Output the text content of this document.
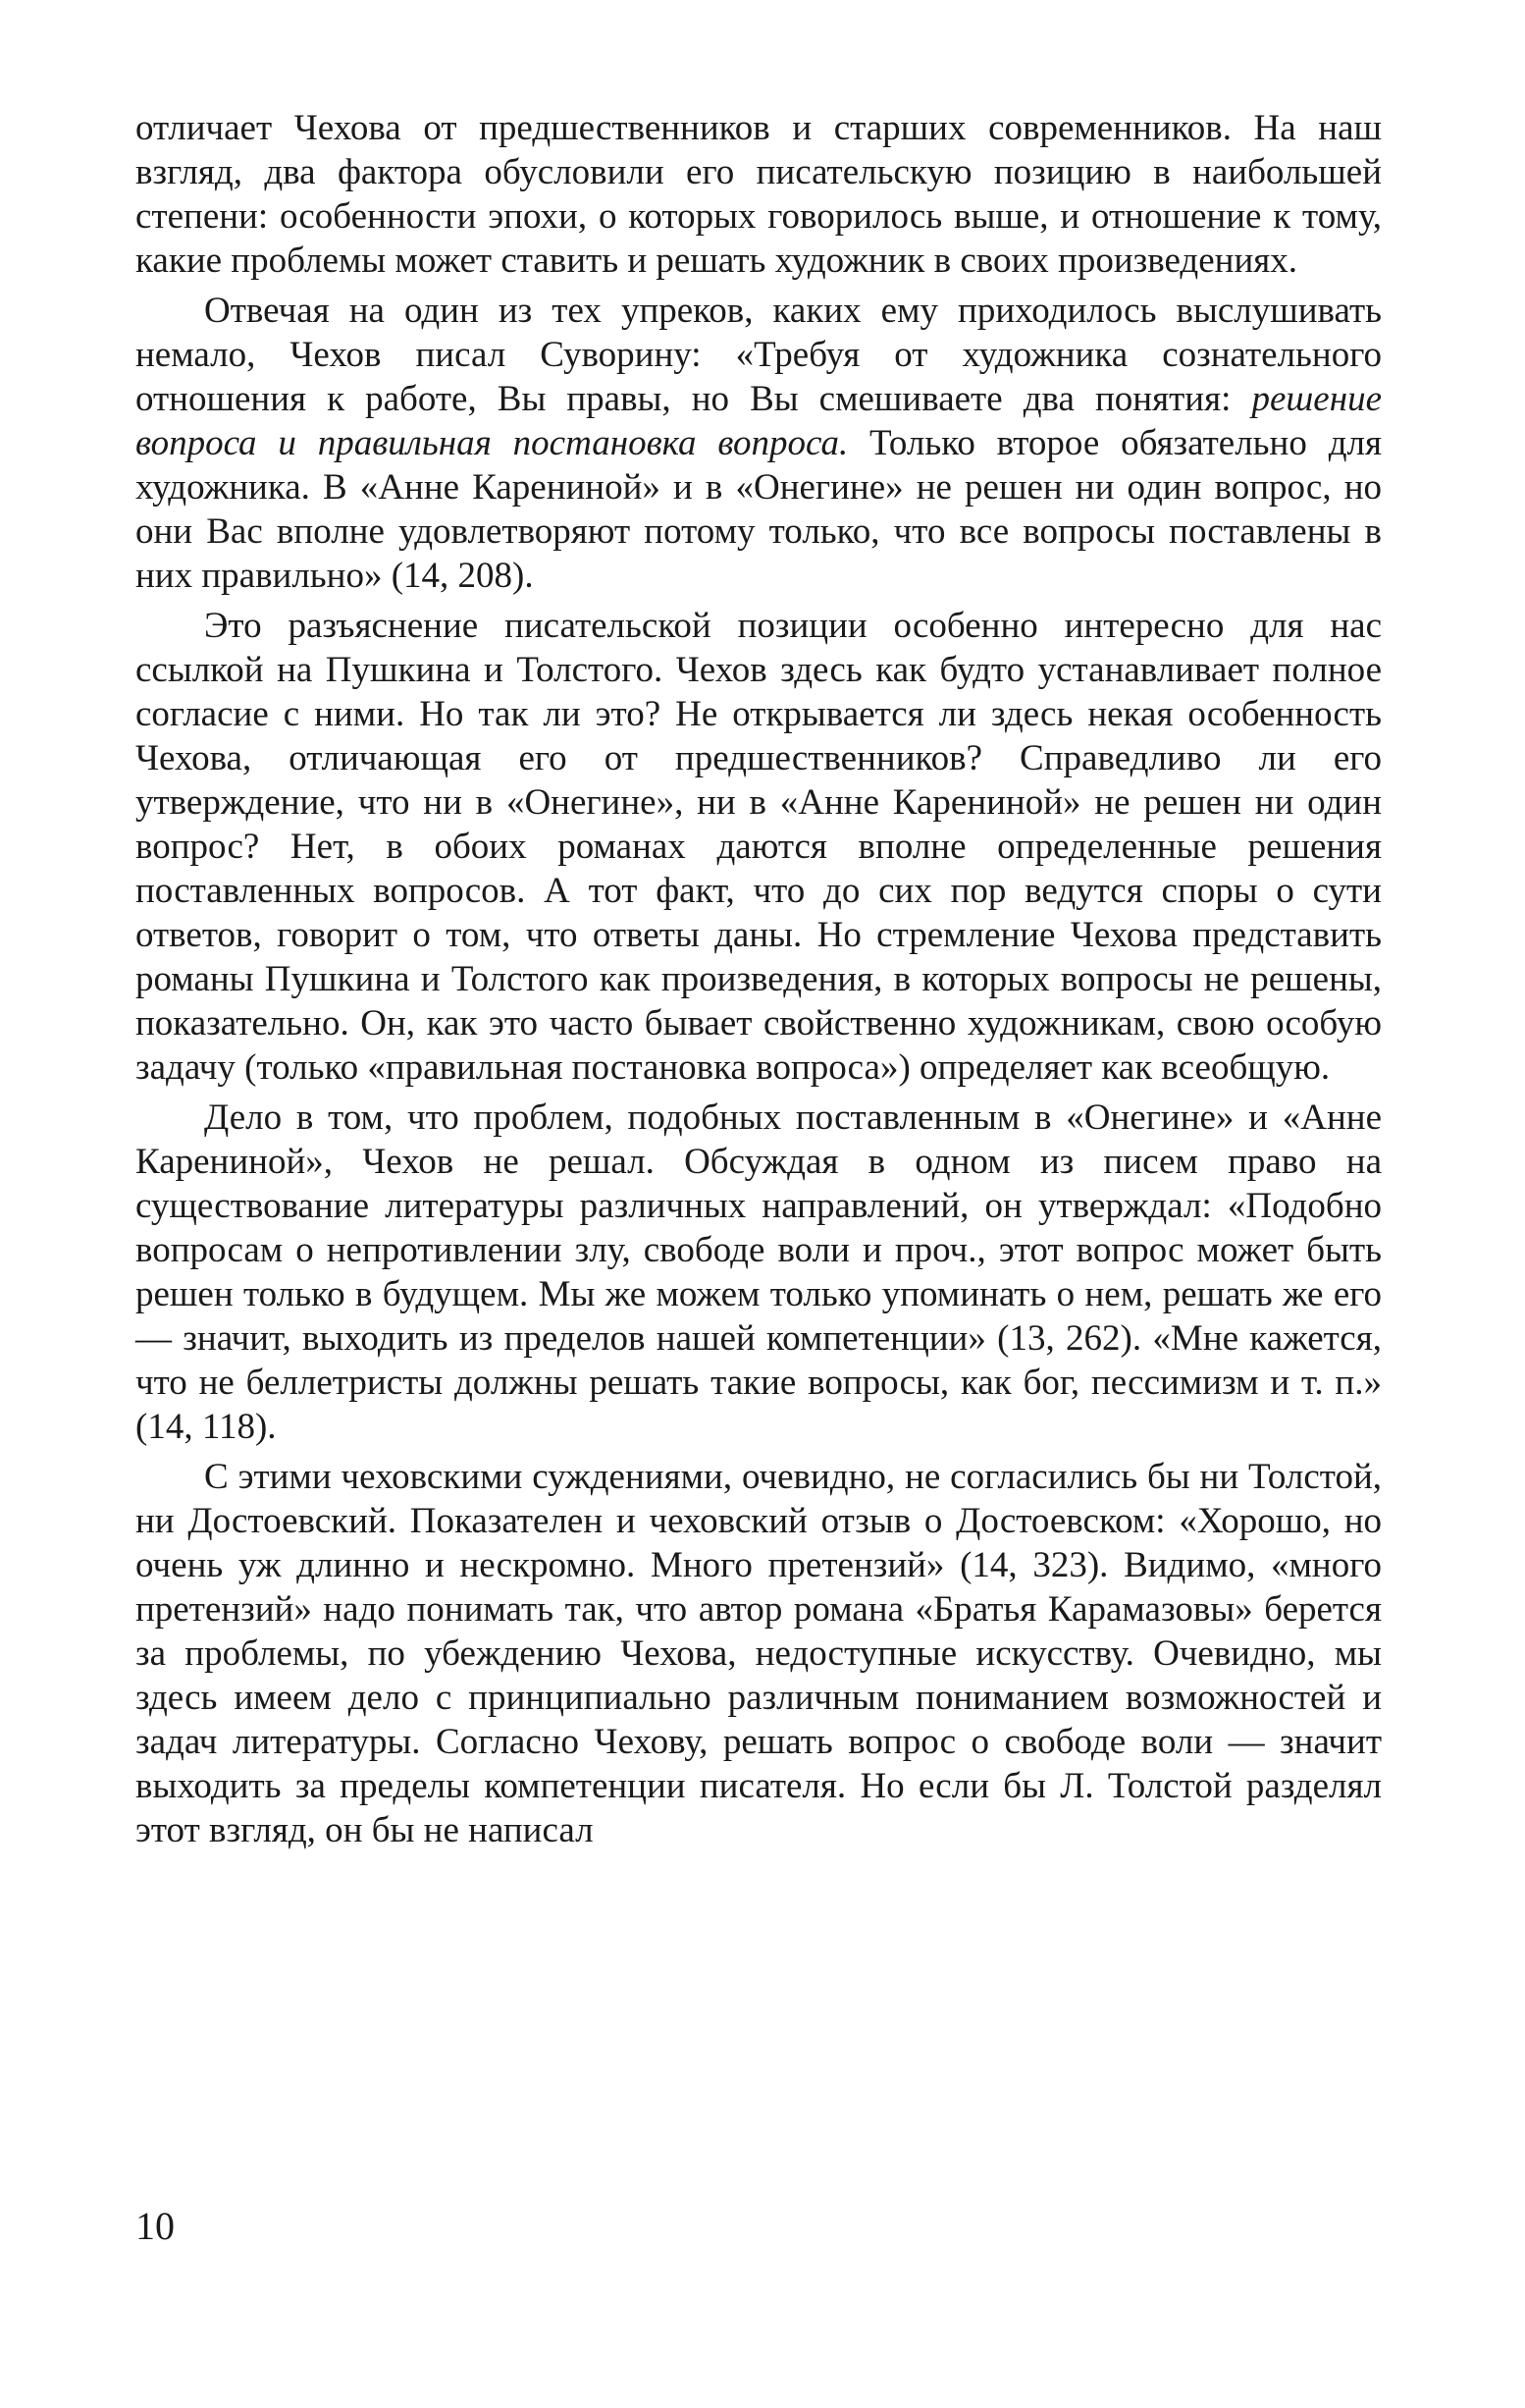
отличает Чехова от предшественников и старших современников. На наш взгляд, два фактора обусловили его писательскую позицию в наибольшей степени: особенности эпохи, о которых говорилось выше, и отношение к тому, какие проблемы может ставить и решать художник в своих произведениях.

Отвечая на один из тех упреков, каких ему приходилось выслушивать немало, Чехов писал Суворину: «Требуя от художника сознательного отношения к работе, Вы правы, но Вы смешиваете два понятия: решение вопроса и правильная постановка вопроса. Только второе обязательно для художника. В «Анне Карениной» и в «Онегине» не решен ни один вопрос, но они Вас вполне удовлетворяют потому только, что все вопросы поставлены в них правильно» (14, 208).

Это разъяснение писательской позиции особенно интересно для нас ссылкой на Пушкина и Толстого. Чехов здесь как будто устанавливает полное согласие с ними. Но так ли это? Не открывается ли здесь некая особенность Чехова, отличающая его от предшественников? Справедливо ли его утверждение, что ни в «Онегине», ни в «Анне Карениной» не решен ни один вопрос? Нет, в обоих романах даются вполне определенные решения поставленных вопросов. А тот факт, что до сих пор ведутся споры о сути ответов, говорит о том, что ответы даны. Но стремление Чехова представить романы Пушкина и Толстого как произведения, в которых вопросы не решены, показательно. Он, как это часто бывает свойственно художникам, свою особую задачу (только «правильная постановка вопроса») определяет как всеобщую.

Дело в том, что проблем, подобных поставленным в «Онегине» и «Анне Карениной», Чехов не решал. Обсуждая в одном из писем право на существование литературы различных направлений, он утверждал: «Подобно вопросам о непротивлении злу, свободе воли и проч., этот вопрос может быть решен только в будущем. Мы же можем только упоминать о нем, решать же его — значит, выходить из пределов нашей компетенции» (13, 262). «Мне кажется, что не беллетристы должны решать такие вопросы, как бог, пессимизм и т. п.» (14, 118).

С этими чеховскими суждениями, очевидно, не согласились бы ни Толстой, ни Достоевский. Показателен и чеховский отзыв о Достоевском: «Хорошо, но очень уж длинно и нескромно. Много претензий» (14, 323). Видимо, «много претензий» надо понимать так, что автор романа «Братья Карамазовы» берется за проблемы, по убеждению Чехова, недоступные искусству. Очевидно, мы здесь имеем дело с принципиально различным пониманием возможностей и задач литературы. Согласно Чехову, решать вопрос о свободе воли — значит выходить за пределы компетенции писателя. Но если бы Л. Толстой разделял этот взгляд, он бы не написал

10
